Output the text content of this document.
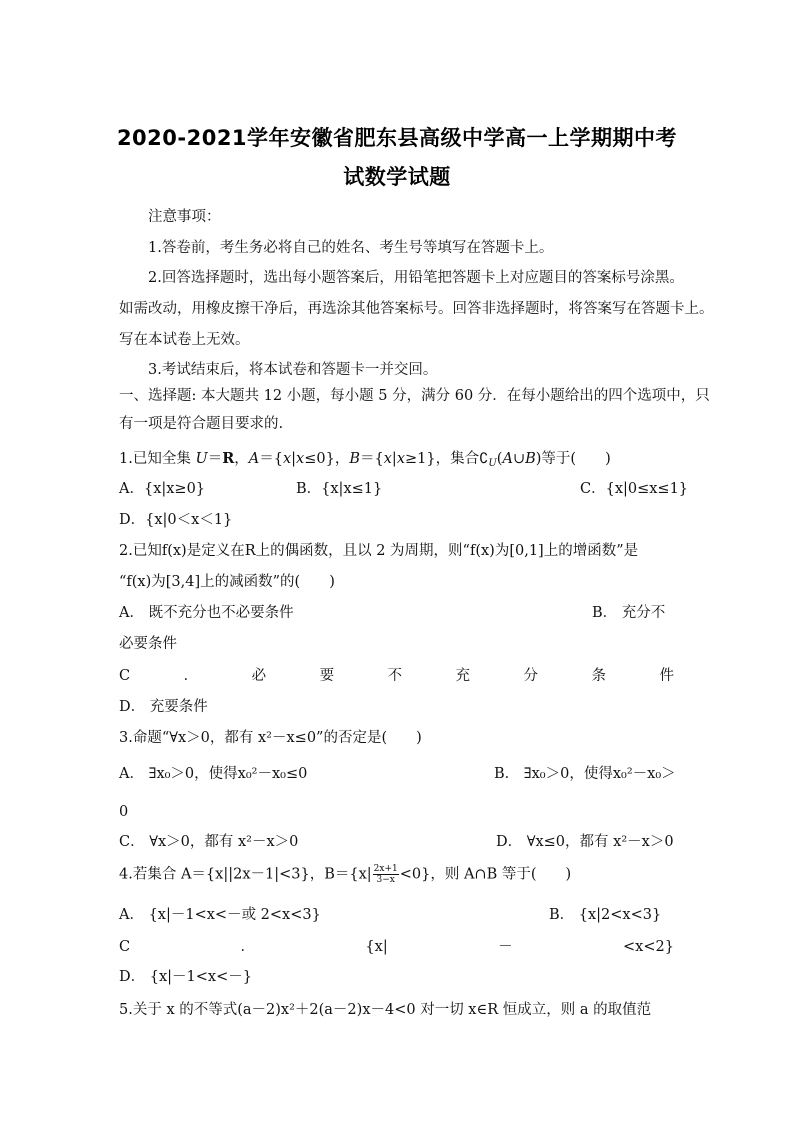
2020-2021学年安徽省肥东县高级中学高一上学期期中考
试数学试题
注意事项：
1.答卷前，考生务必将自己的姓名、考生号等填写在答题卡上。
2.回答选择题时，选出每小题答案后，用铅笔把答题卡上对应题目的答案标号涂黑。
如需改动，用橡皮擦干净后，再选涂其他答案标号。回答非选择题时，将答案写在答题卡上。
写在本试卷上无效。
3.考试结束后，将本试卷和答题卡一并交回。
一、选择题: 本大题共 12 小题，每小题 5 分，满分 60 分．在每小题给出的四个选项中，只
有一项是符合题目要求的.
1.已知全集 U＝R，A＝{x|x≤0}，B＝{x|x≥1}，集合$∁_U(A\cup B)$等于(　　)
A．{x|x≥0}	B．{x|x≤1}	C．{x|0≤x≤1}
D．{x|0＜x＜1}
2.已知f(x)是定义在R上的偶函数，且以 2 为周期，则“f(x)为[0,1]上的增函数”是
“f(x)为[3,4]上的减函数”的(　　)
A． 既不充分也不必要条件	B． 充分不
必要条件
C	．	必	要	不	充	分	条	件
D． 充要条件
3.命题“∀x＞0，都有 x²－x≤0”的否定是(　　)
A． ∃x₀＞0，使得x₀²－x₀≤0	B． ∃x₀＞0，使得x₀²－x₀＞
0
C． ∀x＞0，都有 x²－x＞0	D． ∀x≤0，都有 x²－x＞0
4.若集合 A＝{x||2x－1|<3}，$B=\{x| \frac{2x+1}{3-x} <0\}$，则 A∩B 等于(　　)
A． {x|－1<x<－或 2<x<3}	B． {x|2<x<3}
C	．	{x|	－	<x<2}
D． {x|－1<x<－}
5.关于 x 的不等式(a－2)x²＋2(a－2)x－4<0 对一切 x∈R 恒成立，则 a 的取值范
